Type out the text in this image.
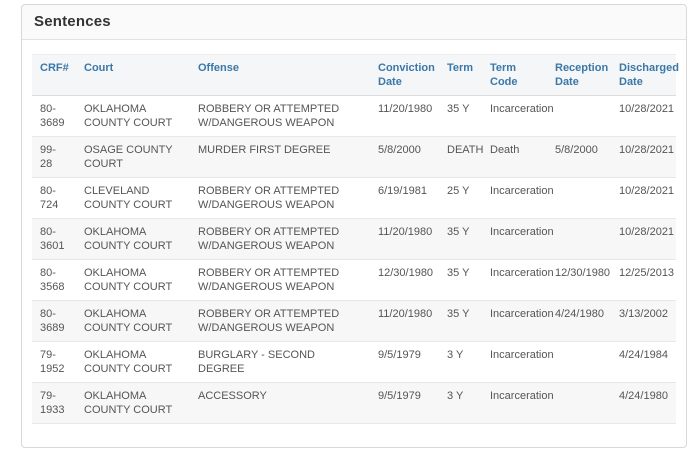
Sentences
CRF#	Court	Offense	Conviction Date	Term	Term Code	Reception Date	Discharged Date
80-3689	OKLAHOMA COUNTY COURT	ROBBERY OR ATTEMPTED W/DANGEROUS WEAPON	11/20/1980	35 Y	Incarceration		10/28/2021
99-28	OSAGE COUNTY COURT	MURDER FIRST DEGREE	5/8/2000	DEATH	Death	5/8/2000	10/28/2021
80-724	CLEVELAND COUNTY COURT	ROBBERY OR ATTEMPTED W/DANGEROUS WEAPON	6/19/1981	25 Y	Incarceration		10/28/2021
80-3601	OKLAHOMA COUNTY COURT	ROBBERY OR ATTEMPTED W/DANGEROUS WEAPON	11/20/1980	35 Y	Incarceration		10/28/2021
80-3568	OKLAHOMA COUNTY COURT	ROBBERY OR ATTEMPTED W/DANGEROUS WEAPON	12/30/1980	35 Y	Incarceration	12/30/1980	12/25/2013
80-3689	OKLAHOMA COUNTY COURT	ROBBERY OR ATTEMPTED W/DANGEROUS WEAPON	11/20/1980	35 Y	Incarceration	4/24/1980	3/13/2002
79-1952	OKLAHOMA COUNTY COURT	BURGLARY - SECOND DEGREE	9/5/1979	3 Y	Incarceration		4/24/1984
79-1933	OKLAHOMA COUNTY COURT	ACCESSORY	9/5/1979	3 Y	Incarceration		4/24/1980
